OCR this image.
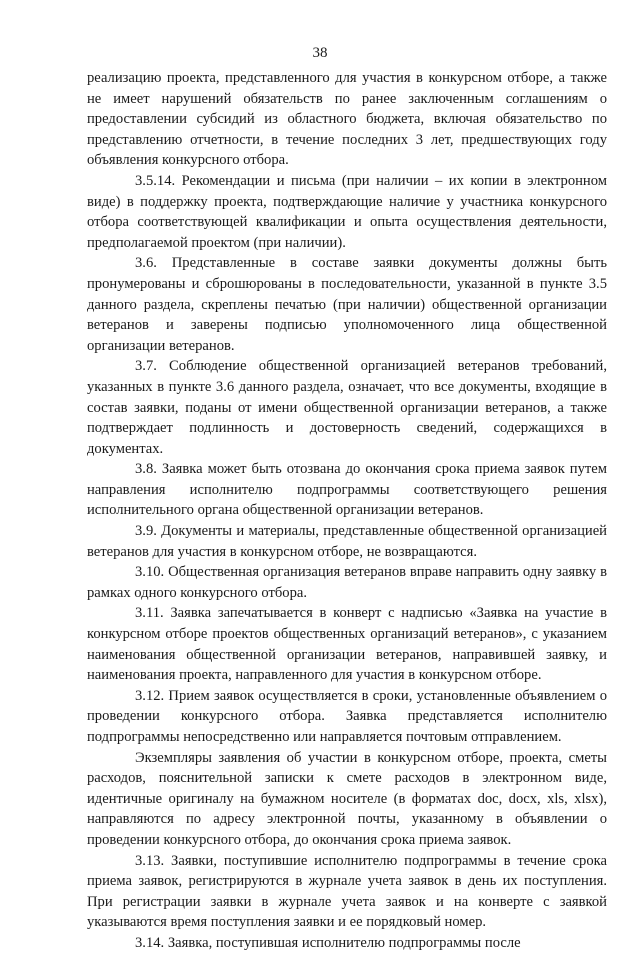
38

реализацию проекта, представленного для участия в конкурсном отборе, а также не имеет нарушений обязательств по ранее заключенным соглашениям о предоставлении субсидий из областного бюджета, включая обязательство по представлению отчетности, в течение последних 3 лет, предшествующих году объявления конкурсного отбора.

3.5.14. Рекомендации и письма (при наличии – их копии в электронном виде) в поддержку проекта, подтверждающие наличие у участника конкурсного отбора соответствующей квалификации и опыта осуществления деятельности, предполагаемой проектом (при наличии).

3.6. Представленные в составе заявки документы должны быть пронумерованы и сброшюрованы в последовательности, указанной в пункте 3.5 данного раздела, скреплены печатью (при наличии) общественной организации ветеранов и заверены подписью уполномоченного лица общественной организации ветеранов.

3.7. Соблюдение общественной организацией ветеранов требований, указанных в пункте 3.6 данного раздела, означает, что все документы, входящие в состав заявки, поданы от имени общественной организации ветеранов, а также подтверждает подлинность и достоверность сведений, содержащихся в документах.

3.8. Заявка может быть отозвана до окончания срока приема заявок путем направления исполнителю подпрограммы соответствующего решения исполнительного органа общественной организации ветеранов.

3.9. Документы и материалы, представленные общественной организацией ветеранов для участия в конкурсном отборе, не возвращаются.

3.10. Общественная организация ветеранов вправе направить одну заявку в рамках одного конкурсного отбора.

3.11. Заявка запечатывается в конверт с надписью «Заявка на участие в конкурсном отборе проектов общественных организаций ветеранов», с указанием наименования общественной организации ветеранов, направившей заявку, и наименования проекта, направленного для участия в конкурсном отборе.

3.12. Прием заявок осуществляется в сроки, установленные объявлением о проведении конкурсного отбора. Заявка представляется исполнителю подпрограммы непосредственно или направляется почтовым отправлением.

Экземпляры заявления об участии в конкурсном отборе, проекта, сметы расходов, пояснительной записки к смете расходов в электронном виде, идентичные оригиналу на бумажном носителе (в форматах doc, docx, xls, xlsx), направляются по адресу электронной почты, указанному в объявлении о проведении конкурсного отбора, до окончания срока приема заявок.

3.13. Заявки, поступившие исполнителю подпрограммы в течение срока приема заявок, регистрируются в журнале учета заявок в день их поступления. При регистрации заявки в журнале учета заявок и на конверте с заявкой указываются время поступления заявки и ее порядковый номер.

3.14. Заявка, поступившая исполнителю подпрограммы после
